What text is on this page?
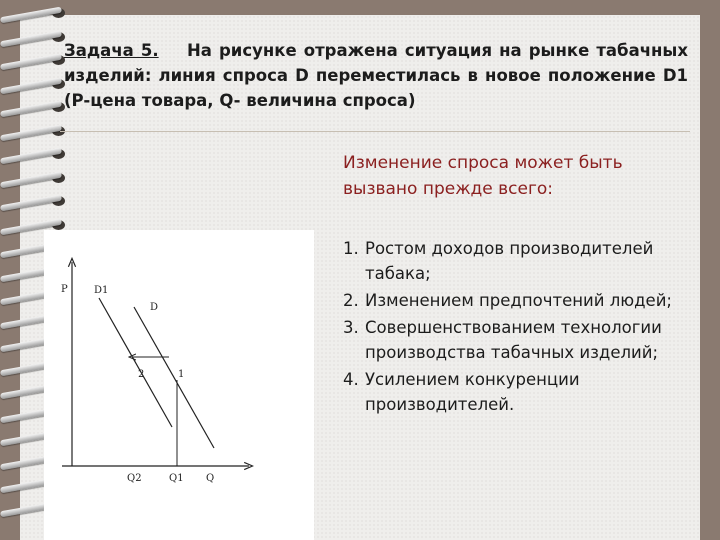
Задача 5. На рисунке отражена ситуация на рынке табачных изделий: линия спроса D переместилась в новое положение D1 (P-цена товара, Q- величина спроса)
Изменение спроса может быть вызвано прежде всего:
1. Ростом доходов производителей табака;
2. Изменением предпочтений людей;
3. Совершенствованием технологии производства табачных изделий;
4. Усилением конкуренции производителей.
P	D1
D
2	1
Q2	Q1 Q
